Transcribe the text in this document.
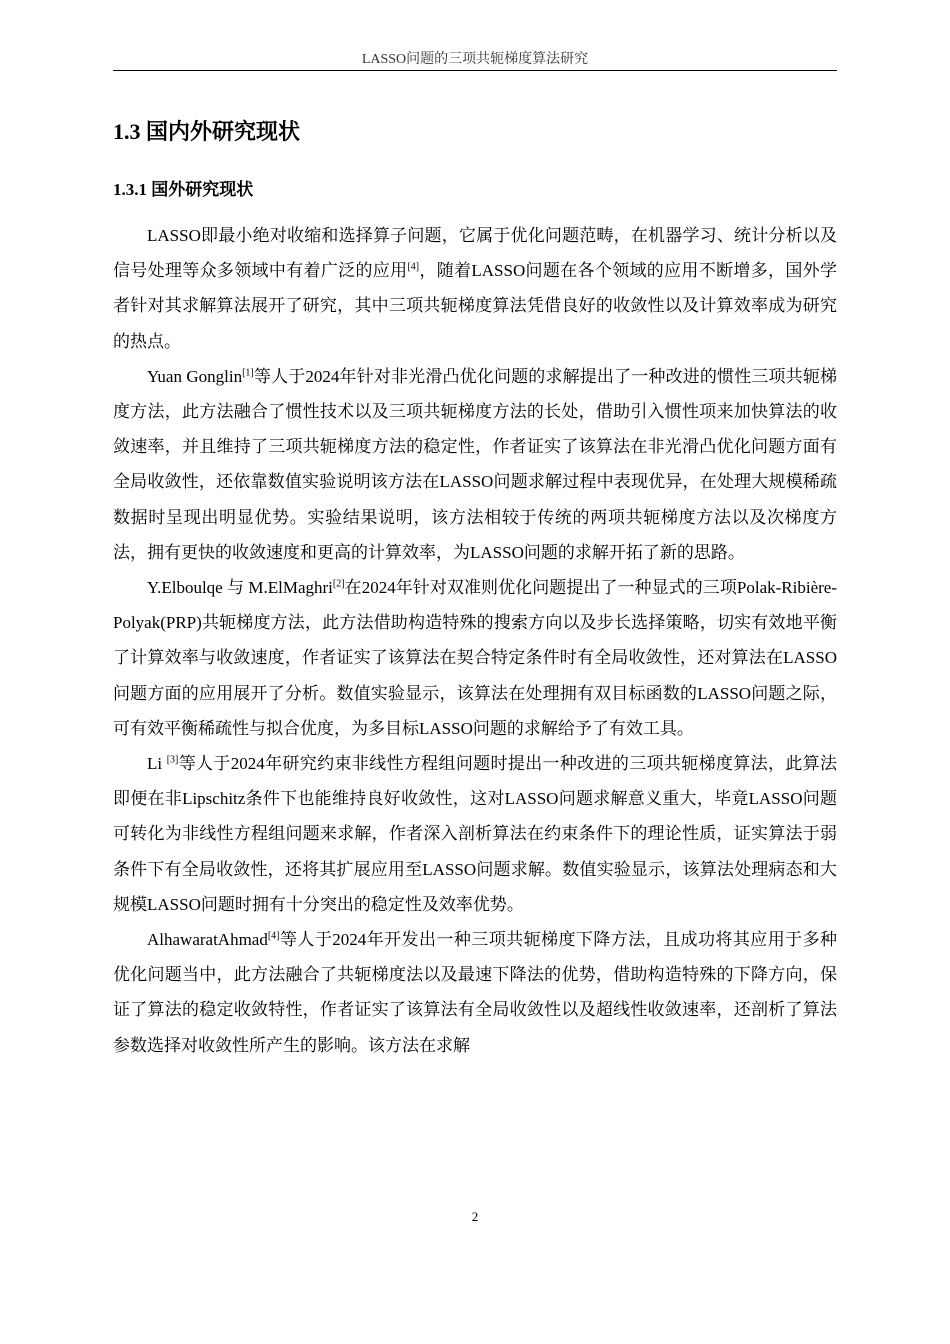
LASSO问题的三项共轭梯度算法研究
1.3 国内外研究现状
1.3.1 国外研究现状

LASSO即最小绝对收缩和选择算子问题，它属于优化问题范畴，在机器学习、统计分析以及信号处理等众多领域中有着广泛的应用[4]，随着LASSO问题在各个领域的应用不断增多，国外学者针对其求解算法展开了研究，其中三项共轭梯度算法凭借良好的收敛性以及计算效率成为研究的热点。

Yuan Gonglin[1]等人于2024年针对非光滑凸优化问题的求解提出了一种改进的惯性三项共轭梯度方法，此方法融合了惯性技术以及三项共轭梯度方法的长处，借助引入惯性项来加快算法的收敛速率，并且维持了三项共轭梯度方法的稳定性，作者证实了该算法在非光滑凸优化问题方面有全局收敛性，还依靠数值实验说明该方法在LASSO问题求解过程中表现优异，在处理大规模稀疏数据时呈现出明显优势。实验结果说明，该方法相较于传统的两项共轭梯度方法以及次梯度方法，拥有更快的收敛速度和更高的计算效率，为LASSO问题的求解开拓了新的思路。

Y.Elboulqe 与 M.ElMaghri[2]在2024年针对双准则优化问题提出了一种显式的三项Polak-Ribière-Polyak(PRP)共轭梯度方法，此方法借助构造特殊的搜索方向以及步长选择策略，切实有效地平衡了计算效率与收敛速度，作者证实了该算法在契合特定条件时有全局收敛性，还对算法在LASSO问题方面的应用展开了分析。数值实验显示，该算法在处理拥有双目标函数的LASSO问题之际，可有效平衡稀疏性与拟合优度，为多目标LASSO问题的求解给予了有效工具。

Li [3]等人于2024年研究约束非线性方程组问题时提出一种改进的三项共轭梯度算法，此算法即便在非Lipschitz条件下也能维持良好收敛性，这对LASSO问题求解意义重大，毕竟LASSO问题可转化为非线性方程组问题来求解，作者深入剖析算法在约束条件下的理论性质，证实算法于弱条件下有全局收敛性，还将其扩展应用至LASSO问题求解。数值实验显示，该算法处理病态和大规模LASSO问题时拥有十分突出的稳定性及效率优势。

AlhawaratAhmad[4]等人于2024年开发出一种三项共轭梯度下降方法，且成功将其应用于多种优化问题当中，此方法融合了共轭梯度法以及最速下降法的优势，借助构造特殊的下降方向，保证了算法的稳定收敛特性，作者证实了该算法有全局收敛性以及超线性收敛速率，还剖析了算法参数选择对收敛性所产生的影响。该方法在求解

2
